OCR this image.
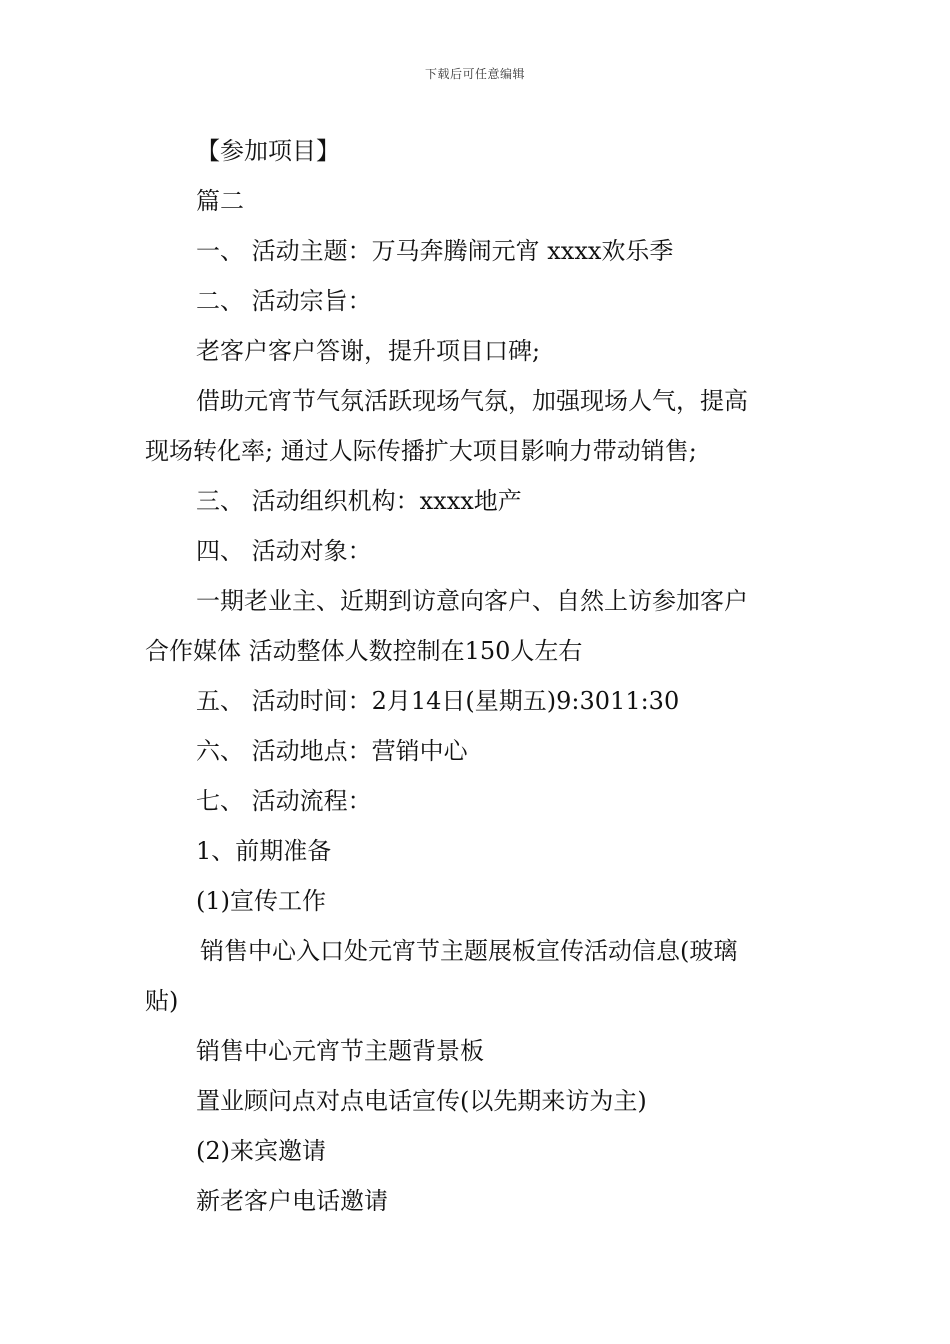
下载后可任意编辑
【参加项目】
篇二
一、 活动主题：万马奔腾闹元宵 xxxx欢乐季
二、 活动宗旨：
老客户客户答谢，提升项目口碑;
借助元宵节气氛活跃现场气氛，加强现场人气，提高
现场转化率; 通过人际传播扩大项目影响力带动销售;
三、 活动组织机构：xxxx地产
四、 活动对象：
一期老业主、近期到访意向客户、自然上访参加客户
合作媒体 活动整体人数控制在150人左右
五、 活动时间：2月14日(星期五)9:3011:30
六、 活动地点：营销中心
七、 活动流程：
1、前期准备
(1)宣传工作
销售中心入口处元宵节主题展板宣传活动信息(玻璃
贴)
销售中心元宵节主题背景板
置业顾问点对点电话宣传(以先期来访为主)
(2)来宾邀请
新老客户电话邀请
